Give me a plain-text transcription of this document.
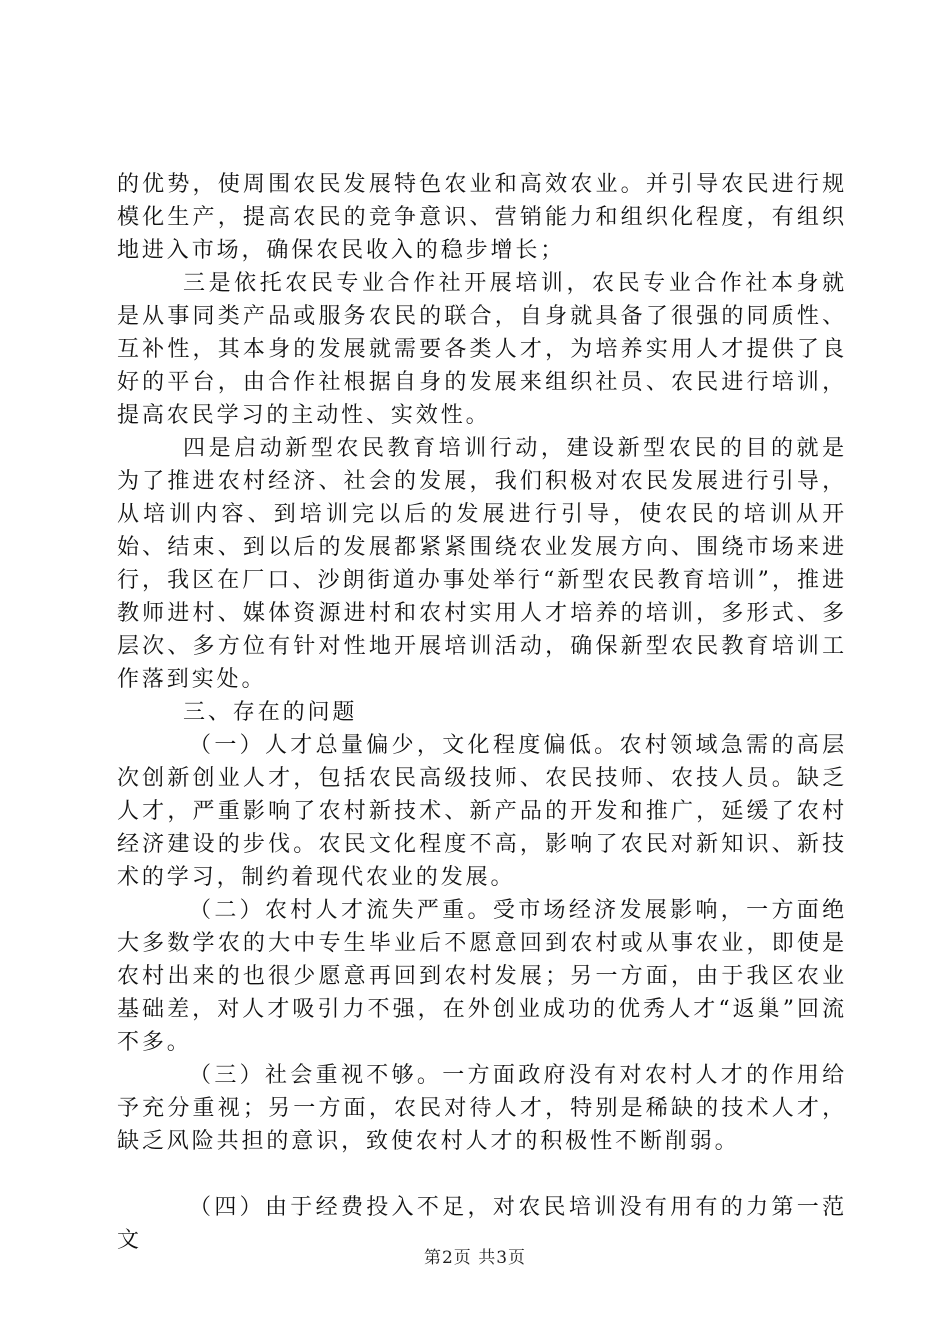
的优势，使周围农民发展特色农业和高效农业。并引导农民进行规模化生产，提高农民的竞争意识、营销能力和组织化程度，有组织地进入市场，确保农民收入的稳步增长；

三是依托农民专业合作社开展培训，农民专业合作社本身就是从事同类产品或服务农民的联合，自身就具备了很强的同质性、互补性，其本身的发展就需要各类人才，为培养实用人才提供了良好的平台，由合作社根据自身的发展来组织社员、农民进行培训，提高农民学习的主动性、实效性。

四是启动新型农民教育培训行动，建设新型农民的目的就是为了推进农村经济、社会的发展，我们积极对农民发展进行引导，从培训内容、到培训完以后的发展进行引导，使农民的培训从开始、结束、到以后的发展都紧紧围绕农业发展方向、围绕市场来进行，我区在厂口、沙朗街道办事处举行“新型农民教育培训”，推进教师进村、媒体资源进村和农村实用人才培养的培训，多形式、多层次、多方位有针对性地开展培训活动，确保新型农民教育培训工作落到实处。

三、存在的问题

（一）人才总量偏少，文化程度偏低。农村领域急需的高层次创新创业人才，包括农民高级技师、农民技师、农技人员。缺乏人才，严重影响了农村新技术、新产品的开发和推广，延缓了农村经济建设的步伐。农民文化程度不高，影响了农民对新知识、新技术的学习，制约着现代农业的发展。

（二）农村人才流失严重。受市场经济发展影响，一方面绝大多数学农的大中专生毕业后不愿意回到农村或从事农业，即使是农村出来的也很少愿意再回到农村发展；另一方面，由于我区农业基础差，对人才吸引力不强，在外创业成功的优秀人才“返巢”回流不多。

（三）社会重视不够。一方面政府没有对农村人才的作用给予充分重视；另一方面，农民对待人才，特别是稀缺的技术人才，缺乏风险共担的意识，致使农村人才的积极性不断削弱。

（四）由于经费投入不足，对农民培训没有用有的力第一范文

第2页 共3页
